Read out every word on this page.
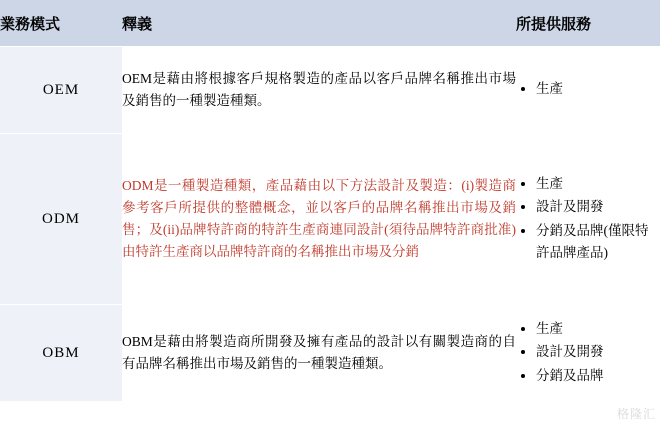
業務模式	釋義	所提供服務
OEM	OEM是藉由將根據客戶規格製造的產品以客戶品牌名稱推出市場及銷售的一種製造種類。	
• 生產

ODM	ODM是一種製造種類，產品藉由以下方法設計及製造：(i)製造商參考客戶所提供的整體概念，並以客戶的品牌名稱推出市場及銷售；及(ii)品牌特許商的特許生產商連同設計(須待品牌特許商批准)由特許生產商以品牌特許商的名稱推出市場及分銷	
• 生產
• 設計及開發
• 分銷及品牌(僅限特許品牌產品)

OBM	OBM是藉由將製造商所開發及擁有產品的設計以有關製造商的自有品牌名稱推出市場及銷售的一種製造種類。	
• 生產
• 設計及開發
• 分銷及品牌
格隆汇
